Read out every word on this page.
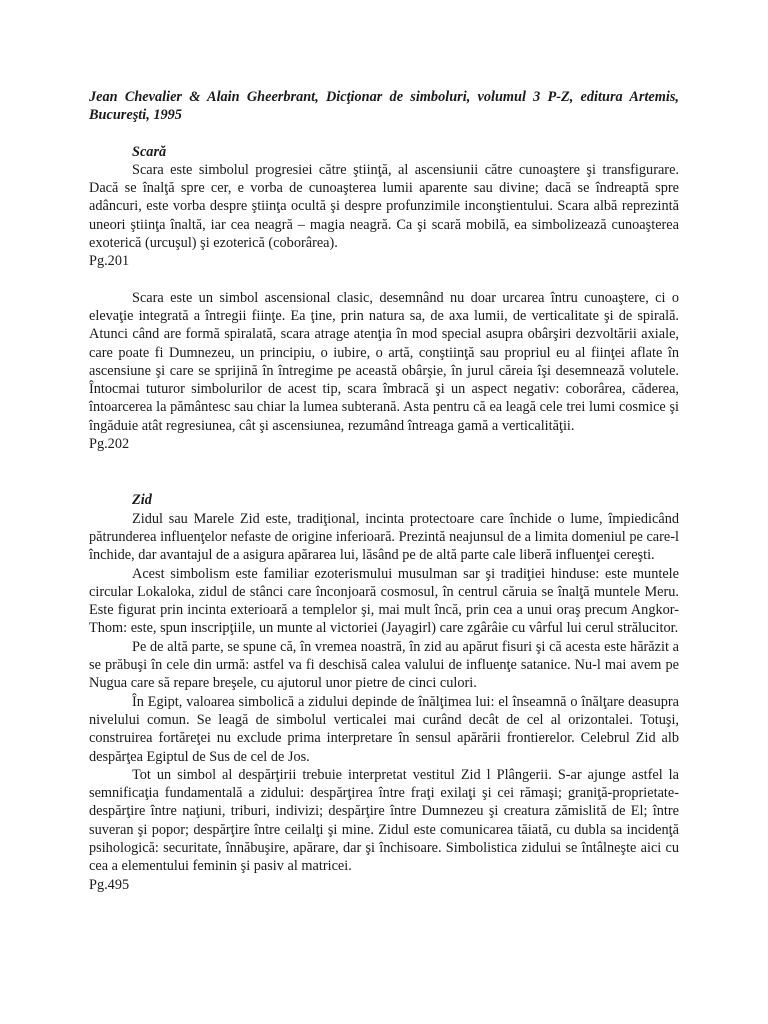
Jean Chevalier & Alain Gheerbrant, Dicţionar de simboluri, volumul 3 P-Z, editura Artemis, Bucureşti, 1995

Scară

Scara este simbolul progresiei către ştiinţă, al ascensiunii către cunoaştere şi transfigurare. Dacă se înalţă spre cer, e vorba de cunoaşterea lumii aparente sau divine; dacă se îndreaptă spre adâncuri, este vorba despre ştiinţa ocultă şi despre profunzimile inconştientului. Scara albă reprezintă uneori ştiinţa înaltă, iar cea neagră – magia neagră. Ca şi scară mobilă, ea simbolizează cunoaşterea exoterică (urcuşul) şi ezoterică (coborârea).

Pg.201

Scara este un simbol ascensional clasic, desemnând nu doar urcarea întru cunoaştere, ci o elevaţie integrată a întregii fiinţe. Ea ţine, prin natura sa, de axa lumii, de verticalitate şi de spirală. Atunci când are formă spiralată, scara atrage atenţia în mod special asupra obârşiri dezvoltării axiale, care poate fi Dumnezeu, un principiu, o iubire, o artă, conştiinţă sau propriul eu al fiinţei aflate în ascensiune şi care se sprijină în întregime pe această obârşie, în jurul căreia îşi desemnează volutele. Întocmai tuturor simbolurilor de acest tip, scara îmbracă şi un aspect negativ: coborârea, căderea, întoarcerea la pământesc sau chiar la lumea subterană. Asta pentru că ea leagă cele trei lumi cosmice şi îngăduie atât regresiunea, cât şi ascensiunea, rezumând întreaga gamă a verticalităţii.

Pg.202

Zid

Zidul sau Marele Zid este, tradiţional, incinta protectoare care închide o lume, împiedicând pătrunderea influenţelor nefaste de origine inferioară. Prezintă neajunsul de a limita domeniul pe care-l închide, dar avantajul de a asigura apărarea lui, lăsând pe de altă parte cale liberă influenţei cereşti.

Acest simbolism este familiar ezoterismului musulman sar şi tradiţiei hinduse: este muntele circular Lokaloka, zidul de stânci care înconjoară cosmosul, în centrul căruia se înalţă muntele Meru. Este figurat prin incinta exterioară a templelor şi, mai mult încă, prin cea a unui oraş precum Angkor-Thom: este, spun inscripţiile, un munte al victoriei (Jayagirl) care zgârâie cu vârful lui cerul strălucitor.

Pe de altă parte, se spune că, în vremea noastră, în zid au apărut fisuri şi că acesta este hărăzit a se prăbuşi în cele din urmă: astfel va fi deschisă calea valului de influenţe satanice. Nu-l mai avem pe Nugua care să repare breşele, cu ajutorul unor pietre de cinci culori.

În Egipt, valoarea simbolică a zidului depinde de înălţimea lui: el înseamnă o înălţare deasupra nivelului comun. Se leagă de simbolul verticalei mai curând decât de cel al orizontalei. Totuşi, construirea fortăreţei nu exclude prima interpretare în sensul apărării frontierelor. Celebrul Zid alb despărţea Egiptul de Sus de cel de Jos.

Tot un simbol al despărţirii trebuie interpretat vestitul Zid l Plângerii. S-ar ajunge astfel la semnificaţia fundamentală a zidului: despărţirea între fraţi exilaţi şi cei rămaşi; graniţă-proprietate-despărţire între naţiuni, triburi, indivizi; despărţire între Dumnezeu şi creatura zămislită de El; între suveran şi popor; despărţire între ceilalţi şi mine. Zidul este comunicarea tăiată, cu dubla sa incidenţă psihologică: securitate, înnăbuşire, apărare, dar şi închisoare. Simbolistica zidului se întâlneşte aici cu cea a elementului feminin şi pasiv al matricei.

Pg.495
